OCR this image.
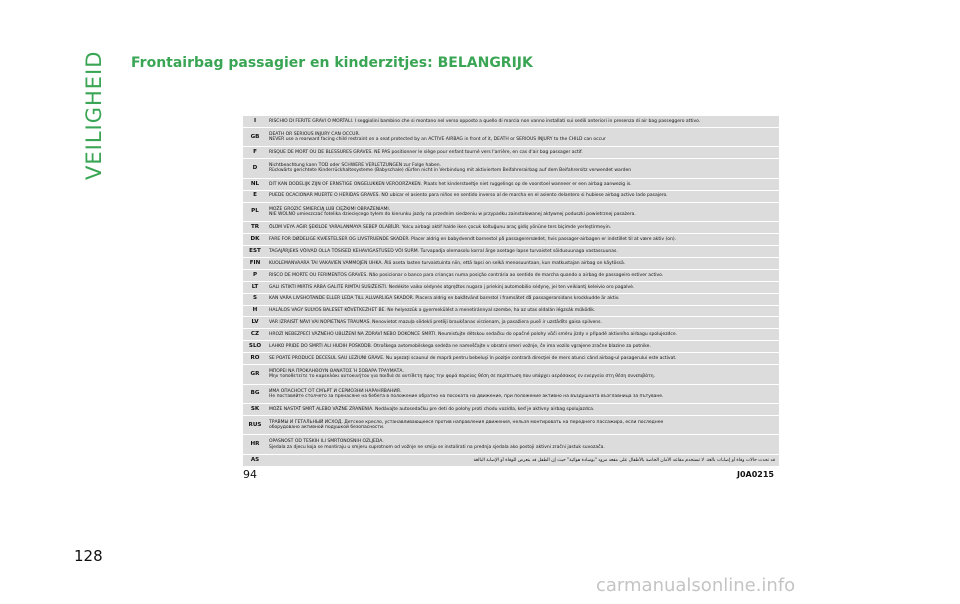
VEILIGHEID	Frontairbag passagier en kinderzitjes: BELANGRIJK
I	RISCHIO DI FERITE GRAVI O MORTALI. I seggiolini bambino che si montano nel verso opposto a quello di marcia non vanno installati sui sedili anteriori in presenza di air bag passeggero attivo.
GB	DEATH OR SERIOUS INJURY CAN OCCUR.
NEVER use a rearward facing child restraint on a seat protected by an ACTIVE AIRBAG in front of it, DEATH or SERIOUS INJURY to the CHILD can occur
F	RISQUE DE MORT OU DE BLESSURES GRAVES. NE PAS positionner le siège pour enfant tourné vers l'arrière, en cas d'air bag passager actif.
D	Nichtbeachtung kann TOD oder SCHWERE VERLETZUNGEN zur Folge haben.
Rückwärts gerichtete Kinderrückhaltesysteme (Babyschale) dürfen nicht in Verbindung mit aktiviertem Beifahrerairbag auf dem Beifahrersitz verwendet warden
NL	DIT KAN DODELIJK ZIJN OF ERNSTIGE ONGELUKKEN VEROORZAKEN. Plaats het kinderstoeltje niet ruggelings op de voorstoel wanneer er een airbag aanwezig is.
E	PUEDE OCACIONAR MUERTE O HERIDAS GRAVES. NO ubicar el asiento para niños en sentido inverso al de marcha en el asiento delantero si hubiese airbag activo lado pasajero.
PL	MOŻE GROZIĆ ŚMIERCIĄ LUB CIĘŻKIMI OBRAŻENIAMI.
NIE WOLNO umieszczać fotelika dziecięcego tyłem do kierunku jazdy na przednim siedzeniu w przypadku zainstalowanej aktywnej poduszki powietrznej pasażera.
TR	ÖLÜM VEYA AĞIR ŞEKİLDE YARALANMAYA SEBEP OLABİLİR. Yolcu airbagi aktif halde iken çocuk koltuğunu araç gidiş yönüne ters biçimde yerleştirmeyin.
DK	FARE FOR DØDELIGE KVÆSTELSER OG LIVSTRUENDE SKADER. Placer aldrig en babydvendt barnestol på passagerersædet, hvis passager-airbagen er indstillet til at være aktiv (on).
EST	TAGAJÄRJEKS VÕIVAD OLLA TÕSISED KEHAVIGASTUSED VÕI SURM. Turvapadja olemasolu korral ärge asetage lapse turvaistet sõidusuunaga vastassuunas.
FIN	KUOLEMANVAARA TAI VAKAVIEN VAMMOJEN UHKA. Älä aseta lasten turvaistuinta niin, että lapsi on selkä menosuuntaan, kun matkustajan airbag on käytössä.
P	RISCO DE MORTE OU FERIMENTOS GRAVES. Não posicionar o banco para crianças numa posição contrária ao sentido de marcha quando o airbag de passageiro estiver activo.
LT	GALI IŠTIKTI MIRTIS ARBA GALITE RIMTAI SUSIŽEISTI. Nedėkite vaiko sėdynės atgręžtos nugara į priekinį automobilio sėdynę, jei ten veikiantį keleivio oro pagalvė.
S	KAN VARA LIVSHOTANDE ELLER LEDA TILL ALLVARLIGA SKADOR. Placera aldrig en bakåtvänd barnstol i framsätet då passagerarsidans krockkudde är aktiv.
H	HALÁLOS VAGY SÚLYOS BALESET KÖVETKEZHET BE. Ne helyezzük a gyermekülést a menetiránnyal szembe, ha az utas oldalán légzsák működik.
LV	VAR IZRAISĪT NĀVI VAI NOPIETNAS TRAUMAS. Nenovietot mazuļa sēdekli pretēji braukšanas virzienam, ja pasažiera pusē ir uzstādīts gaisa spilvens.
CZ	HROZÍ NEBEZPEČÍ VÁŽNÉHO UBLÍŽENÍ NA ZDRAVÍ NEBO DOKONCE SMRTI. Neumisťujte dětskou sedačku do opačné polohy vůči směru jízdy v případě aktivního airbagu spolujezdce.
SLO	LAHKO PRIDE DO SMRTI ALI HUDIH POŠKODB. Otroškega avtomobilskega sedeža ne nameščajte v obratni smeri vožnje, če ima vozilo vgrajene zračne blazine za potnike.
RO	SE POATE PRODUCE DECESUL SAU LEZIUNI GRAVE. Nu aşezaţi scaunul de mapră pentru bebeluşi în poziţie contrară direcţiei de mers atunci când airbag-ul pasagerului este activat.
GR	ΜΠΟΡΕΙ ΝΑ ΠΡΟΚΛΗΘΟΥΝ ΘΑΝΑΤΟΣ Ή ΣΟΒΑΡΑ ΤΡΑΥΜΑΤΑ.
Μην τοποθετείτε το καρεκλάκι αυτοκινήτου για παιδιά σε αντίθετη προς την φορά πορείας θέση σε περίπτωση που υπάρχει αερόσακος εν ενεργεία στη θέση συνεπιβάτη.
BG	ИМА ОПАСНОСТ ОТ СМЪРТ И СЕРИОЗНИ НАРАНЯВАНИЯ.
Не поставяйте столчето за пренасяне на бебета в положение обратно на посоката на движение, при положение активно на въздушната възглавница за пътуване.
SK	MÔŽE NASTAŤ SMRŤ ALEBO VÁŽNE ZRANENIA. Nedávajte autosedačku pre deti do polohy proti chodu vozidla, keď je aktívny airbag spolujazdca.
RUS	ТРАВМЫ И ГЕТАЛЬНЫЙ ИСХОД. Детское кресло, устанавливающееся против направления движения, нельзя монтировать на переднего пассажира, если последнее
оборудовано активной подушкой безопасности.
HR	OPASNOST OD TEŠKIH ILI SMRTONOSNIH OZLJEDA.
Sjedala za djecu koja se montiraju u smjeru suprotnom od vožnje ne smiju se instalirati na prednja sjedala ako postoji aktivni zračni jastuk suvozača.
AS	قد تحدث حالات وفاة أو إصابات بالغة. لا تستخدم مقاعد الأمان الخاصة بالأطفال على مقعد مزود "بوسادة هوائية" حيث إن الطفل قد يتعرض للوفاة أو الإصابة البالغة
94	J0A0215
128
carmanualsonline.info
